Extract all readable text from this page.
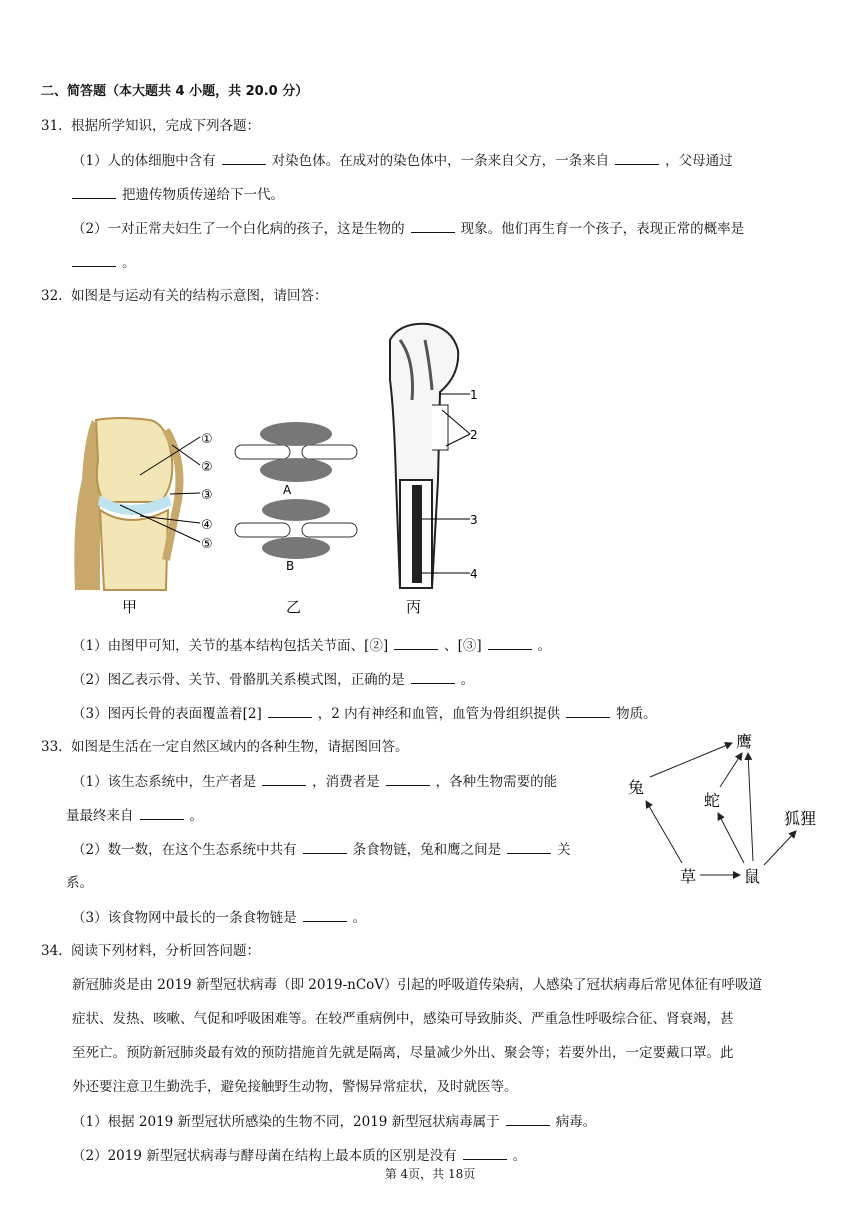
二、简答题（本大题共 4 小题，共 20.0 分）
31. 根据所学知识，完成下列各题：
（1）人的体细胞中含有	对染色体。在成对的染色体中，一条来自父方，一条来自	，父母通过
把遗传物质传递给下一代。
（2）一对正常夫妇生了一个白化病的孩子，这是生物的	现象。他们再生育一个孩子，表现正常的概率是
。
32. 如图是与运动有关的结构示意图，请回答：
①
②
③
④
⑤
A
B
1
2
3
4
甲	乙	丙
（1）由图甲可知，关节的基本结构包括关节面、[②]	、[③]	。
（2）图乙表示骨、关节、骨骼肌关系模式图，正确的是	。
（3）图丙长骨的表面覆盖着[2]	，2 内有神经和血管，血管为骨组织提供	物质。
33. 如图是生活在一定自然区域内的各种生物，请据图回答。
（1）该生态系统中，生产者是	，消费者是	，各种生物需要的能
量最终来自	。
（2）数一数，在这个生态系统中共有	条食物链，兔和鹰之间是	关
系。
（3）该食物网中最长的一条食物链是	。
鹰
兔
蛇
狐狸
草	鼠
34. 阅读下列材料，分析回答问题：
新冠肺炎是由 2019 新型冠状病毒（即 2019-nCoV）引起的呼吸道传染病，人感染了冠状病毒后常见体征有呼吸道
症状、发热、咳嗽、气促和呼吸困难等。在较严重病例中，感染可导致肺炎、严重急性呼吸综合征、肾衰竭，甚
至死亡。预防新冠肺炎最有效的预防措施首先就是隔离，尽量减少外出、聚会等；若要外出，一定要戴口罩。此
外还要注意卫生勤洗手，避免接触野生动物，警惕异常症状，及时就医等。
（1）根据 2019 新型冠状所感染的生物不同，2019 新型冠状病毒属于	病毒。
（2）2019 新型冠状病毒与酵母菌在结构上最本质的区别是没有	。
第 4页，共 18页
